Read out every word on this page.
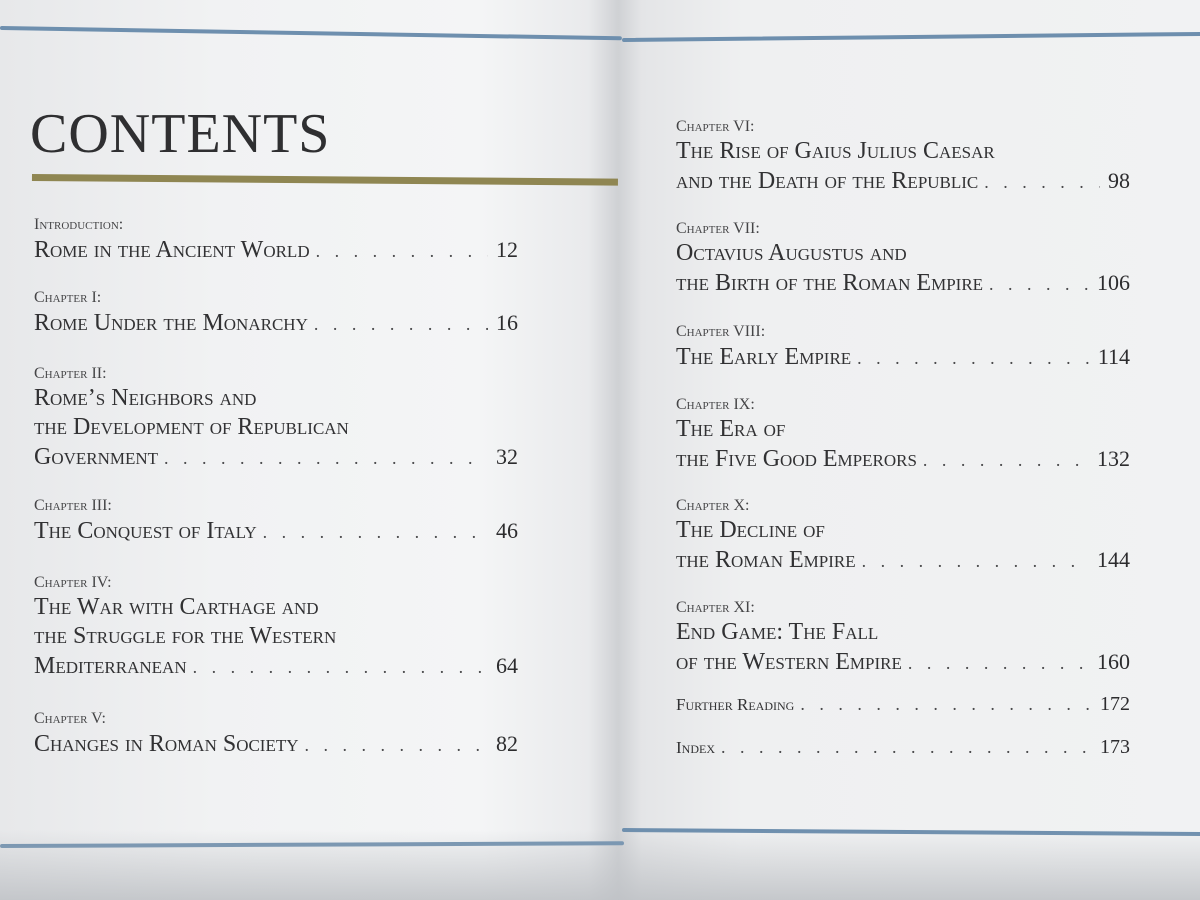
CONTENTS
Introduction:
Rome in the Ancient World . . .	12
Chapter I:
Rome Under the Monarchy . . .	16
Chapter II:
Rome’s Neighbors and
the Development of Republican
Government . . .	32
Chapter III:
The Conquest of Italy . . .	46
Chapter IV:
The War with Carthage and
the Struggle for the Western
Mediterranean . . .	64
Chapter V:
Changes in Roman Society . . .	82
Chapter VI:
The Rise of Gaius Julius Caesar
and the Death of the Republic . . .	98
Chapter VII:
Octavius Augustus and
the Birth of the Roman Empire . . .	106
Chapter VIII:
The Early Empire . . .	114
Chapter IX:
The Era of
the Five Good Emperors . . .	132
Chapter X:
The Decline of
the Roman Empire . . .	144
Chapter XI:
End Game: The Fall
of the Western Empire . . .	160
Further Reading . . .	172
Index . . .	173
